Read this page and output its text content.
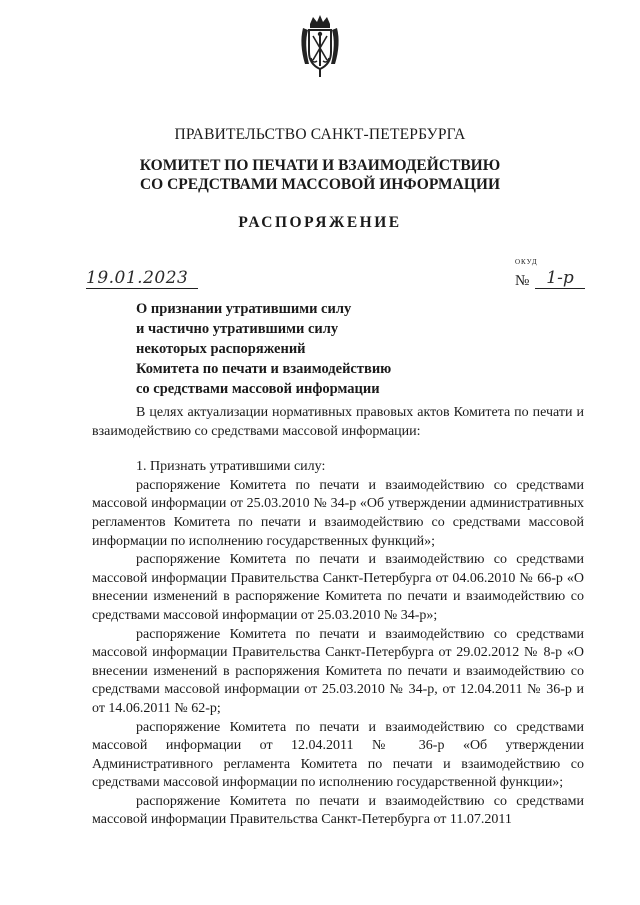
ПРАВИТЕЛЬСТВО САНКТ-ПЕТЕРБУРГА
КОМИТЕТ ПО ПЕЧАТИ И ВЗАИМОДЕЙСТВИЮ
СО СРЕДСТВАМИ МАССОВОЙ ИНФОРМАЦИИ
РАСПОРЯЖЕНИЕ
ОКУД
19.01.2023	№ 1-р
О признании утратившими силу
и частично утратившими силу
некоторых распоряжений
Комитета по печати и взаимодействию
со средствами массовой информации

В целях актуализации нормативных правовых актов Комитета по печати и взаимодействию со средствами массовой информации:

1. Признать утратившими силу:

распоряжение Комитета по печати и взаимодействию со средствами массовой информации от 25.03.2010 № 34-р «Об утверждении административных регламентов Комитета по печати и взаимодействию со средствами массовой информации по исполнению государственных функций»;

распоряжение Комитета по печати и взаимодействию со средствами массовой информации Правительства Санкт-Петербурга от 04.06.2010 № 66-р «О внесении изменений в распоряжение Комитета по печати и взаимодействию со средствами массовой информации от 25.03.2010 № 34-р»;

распоряжение Комитета по печати и взаимодействию со средствами массовой информации Правительства Санкт-Петербурга от 29.02.2012 № 8-р «О внесении изменений в распоряжения Комитета по печати и взаимодействию со средствами массовой информации от 25.03.2010 № 34-р, от 12.04.2011 № 36-р и от 14.06.2011 № 62-р;

распоряжение Комитета по печати и взаимодействию со средствами массовой информации от 12.04.2011 № 36-р «Об утверждении Административного регламента Комитета по печати и взаимодействию со средствами массовой информации по исполнению государственной функции»;

распоряжение Комитета по печати и взаимодействию со средствами массовой информации Правительства Санкт-Петербурга от 11.07.2011
